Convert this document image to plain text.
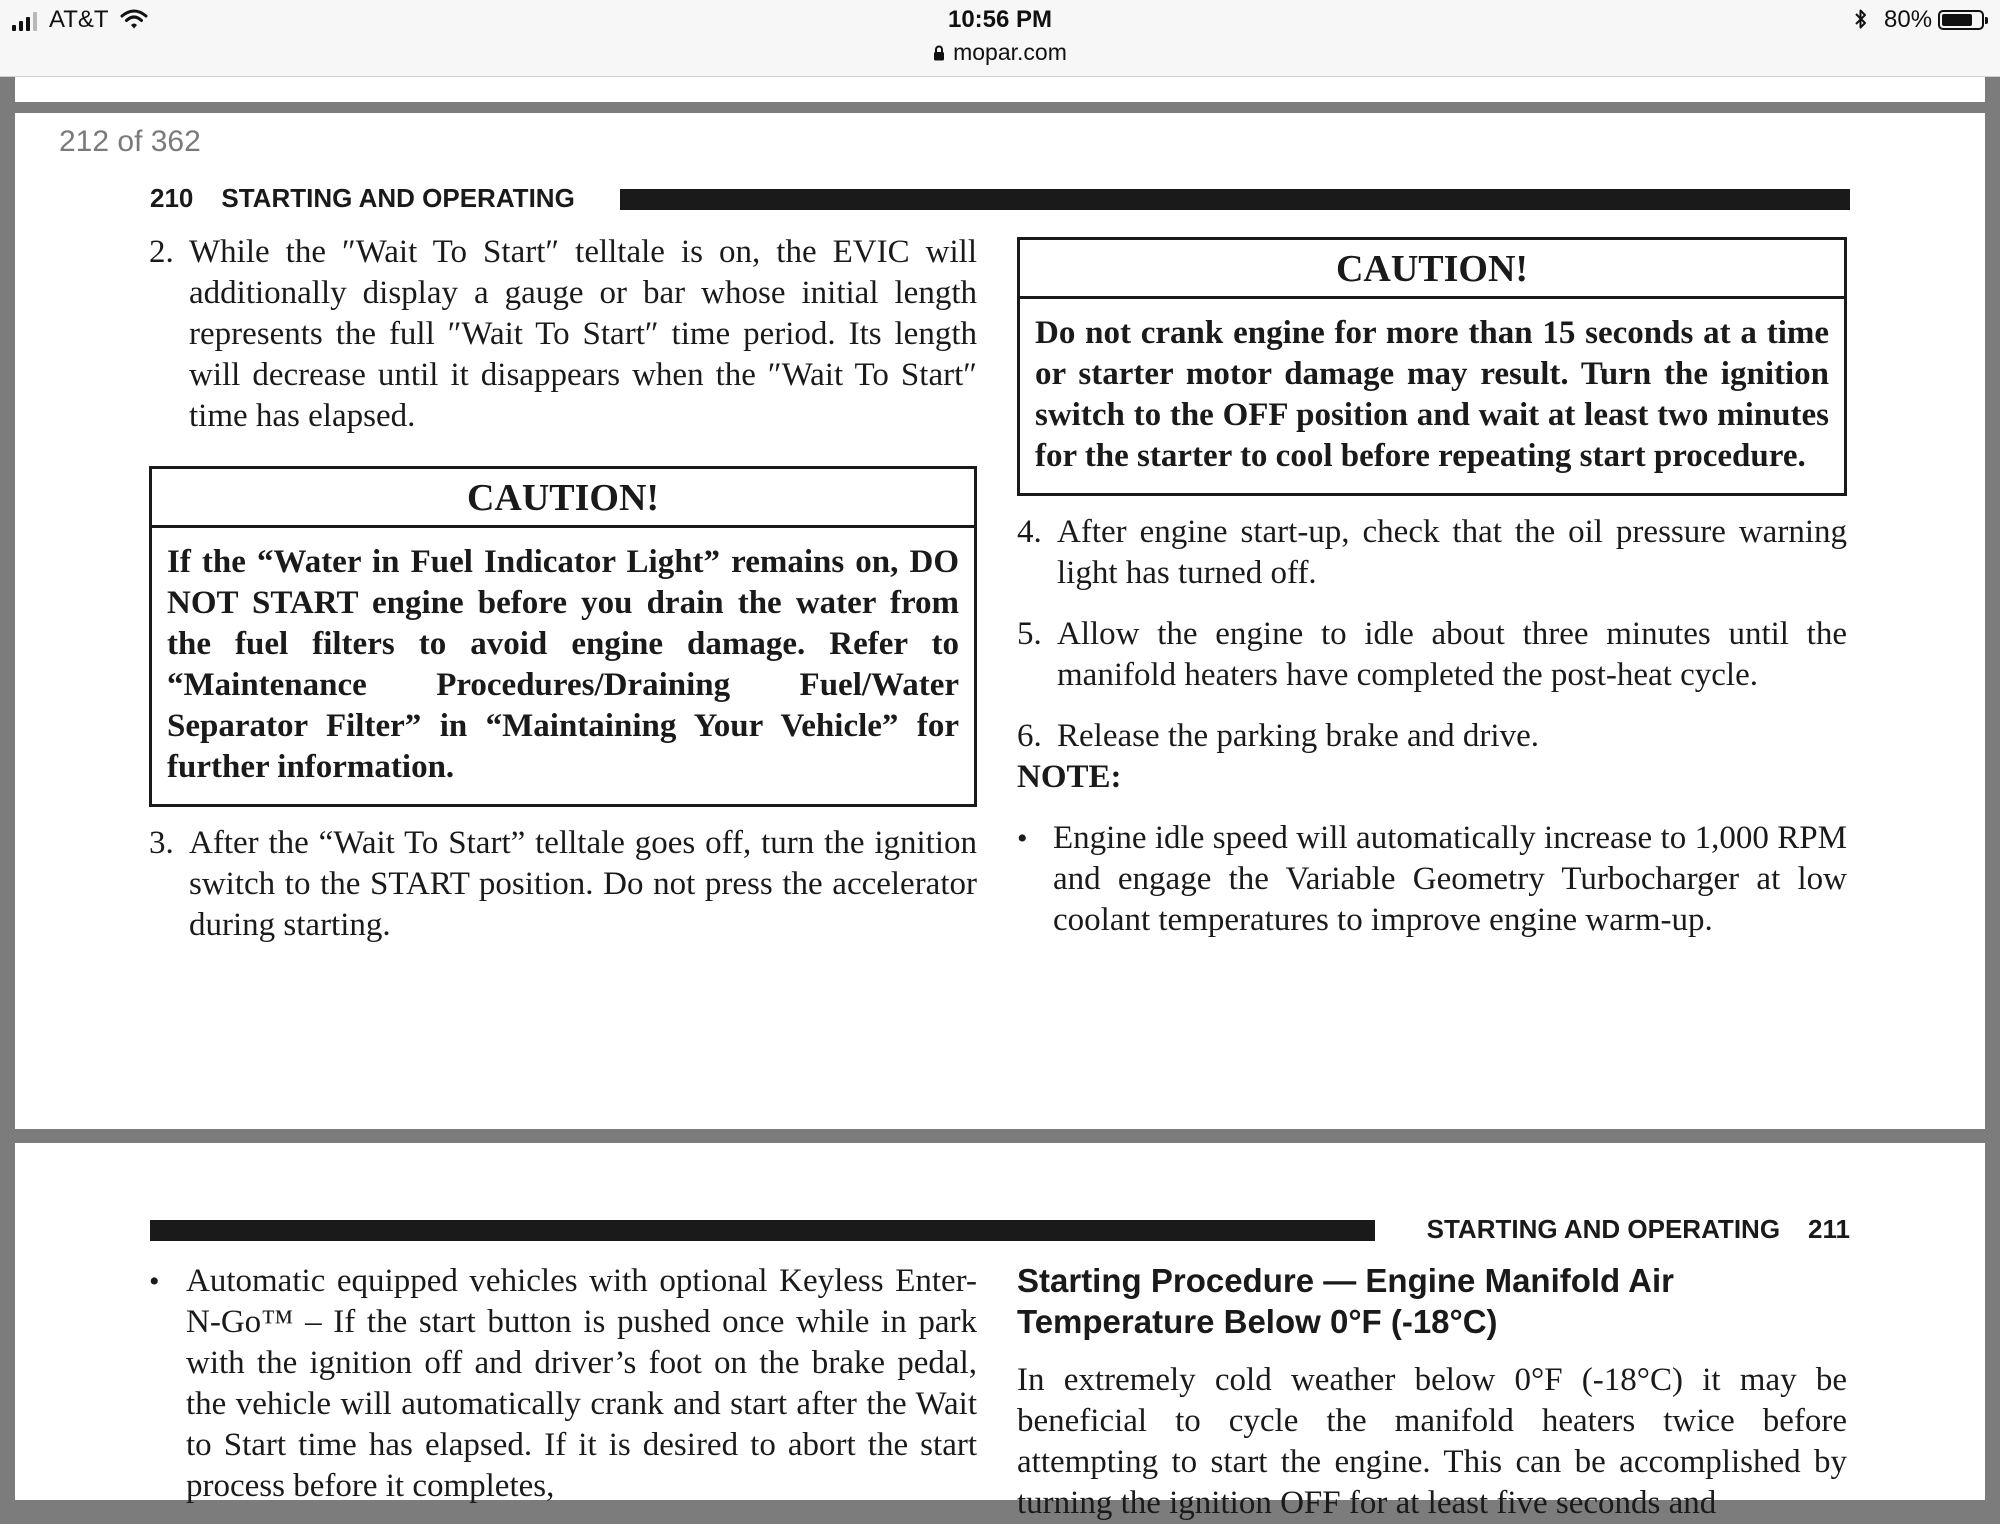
AT&T	10:56 PM
mopar.com
80%
212 of 362
210 STARTING AND OPERATING
2. While the ″Wait To Start″ telltale is on, the EVIC will additionally display a gauge or bar whose initial length represents the full ″Wait To Start″ time period. Its length will decrease until it disappears when the ″Wait To Start″ time has elapsed.
CAUTION!
If the “Water in Fuel Indicator Light” remains on, DO NOT START engine before you drain the water from the fuel filters to avoid engine damage. Refer to “Maintenance Procedures/Draining Fuel/Water Separator Filter” in “Maintaining Your Vehicle” for further information.
3. After the “Wait To Start” telltale goes off, turn the ignition switch to the START position. Do not press the accelerator during starting.
CAUTION!
Do not crank engine for more than 15 seconds at a time or starter motor damage may result. Turn the ignition switch to the OFF position and wait at least two minutes for the starter to cool before repeating start procedure.
4. After engine start-up, check that the oil pressure warning light has turned off.
5. Allow the engine to idle about three minutes until the manifold heaters have completed the post-heat cycle.
6. Release the parking brake and drive.

NOTE:

• Engine idle speed will automatically increase to 1,000 RPM and engage the Variable Geometry Turbocharger at low coolant temperatures to improve engine warm-up.
STARTING AND OPERATING 211
• Automatic equipped vehicles with optional Keyless Enter-N-Go™ – If the start button is pushed once while in park with the ignition off and driver’s foot on the brake pedal, the vehicle will automatically crank and start after the Wait to Start time has elapsed. If it is desired to abort the start process before it completes,

Starting Procedure — Engine Manifold Air Temperature Below 0°F (-18°C)

In extremely cold weather below 0°F (-18°C) it may be beneficial to cycle the manifold heaters twice before attempting to start the engine. This can be accomplished by turning the ignition OFF for at least five seconds and
